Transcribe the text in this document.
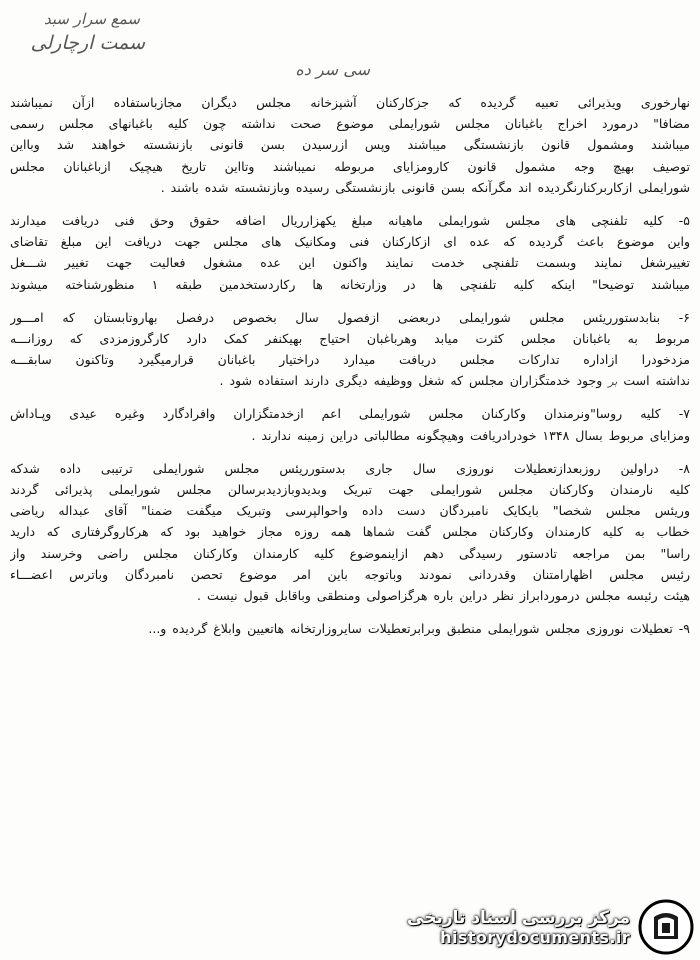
سمع سرار سبد
سمت ارچارلی
سی سر ده
نهارخوری ویذیرائی تعبیه گردیده که جزکارکنان آشپزخانه مجلس دیگران مجازباستفاده ازآن نمیباشند
مضافا" درمورد اخراج باغبانان مجلس شورایملی موضوع صحت نداشته چون کلیه باغبانهای مجلس رسمی
میباشند ومشمول قانون بازنشستگی میباشند وپس ازرسیدن بسن قانونی بازنشسته خواهند شد وبااین
توصیف بهیچ وجه مشمول قانون کارومزایای مربوطه نمیباشند وتااین تاریخ هیچیک ازباغبانان مجلس
شورایملی ازکاربرکنارنگردیده اند مگرآنکه بسن قانونی بازنشستگی رسیده وبازنشسته شده باشند .
۵- کلیه تلفنچی های مجلس شورایملی ماهیانه مبلغ یکهزارریال اضافه حقوق وحق فنی دریافت میدارند
واین موضوع باعث گردیده که عده ای ازکارکنان فنی ومکانیک های مجلس جهت دریافت این مبلغ تقاضای
تغییرشغل نمایند وبسمت تلفنچی خدمت نمایند واکنون این عده مشغول فعالیت جهت تغییر شـــغل
میباشند توضیحا" اینکه کلیه تلفنچی ها در وزارتخانه ها رکاردستخدمین طبقه ۱ منظورشناخته میشوند
۶- بنابدستورریئس مجلس شورایملی دربعضی ازفصول سال بخصوص درفصل بهاروتابستان که امـــور
مربوط به باغبانان مجلس کثرت میابد وهرباغبان احتیاج بهیکنفر کمک دارد کارگروزمزدی که روزانـــه
مزدخودرا ازاداره تدارکات مجلس دریافت میدارد دراختیار باغبانان قرارمیگیرد وتاکنون سابقـــه
نداشته است بر وجود خدمتگزاران مجلس که شغل ووظیفه دیگری دارند استفاده شود .
۷- کلیه روسا"ونرمندان وکارکنان مجلس شورایملی اعم ازخدمتگزاران وافرادگارد وغیره عیدی وپـاداش
ومزایای مربوط بسال ۱۳۴۸ خودرادریافت وهیچگونه مطالباتی دراین زمینه ندارند .
۸- دراولین روزبعدازتعطیلات نوروزی سال جاری بدستورریئس مجلس شورایملی ترتیبی داده شدکه
کلیه نارمندان وکارکنان مجلس شورایملی جهت تبریک وبدیدوبازدیدبرسالن مجلس شورایملی پذیرائی گردند
وریئس مجلس شخصا" بایکایک نامبردگان دست داده واحوالپرسی وتبریک میگفت ضمنا" آقای عبداله ریاضی
خطاب به کلیه کارمندان وکارکنان مجلس گفت شماها همه روزه مجاز خواهید بود که هرکاروگرفتاری که دارید
راسا" بمن مراجعه تادستور رسیدگی دهم ازاینموضوع کلیه کارمندان وکارکنان مجلس راضی وخرسند واز
رئیس مجلس اظهارامتنان وقدردانی نمودند وباتوجه باین امر موضوع تحصن نامبردگان وباترس اعضـــاء
هیئت رئیسه مجلس درموردابراز نظر دراین باره هرگزاصولی ومنطقی وباقابل قبول نیست .
۹- تعطیلات نوروزی مجلس شورایملی منطبق وبرابرتعطیلات سایروزارتخانه هاتعیین وابلاغ گردیده و...
مرکز بررسی اسناد تاریخی
historydocuments.ir
